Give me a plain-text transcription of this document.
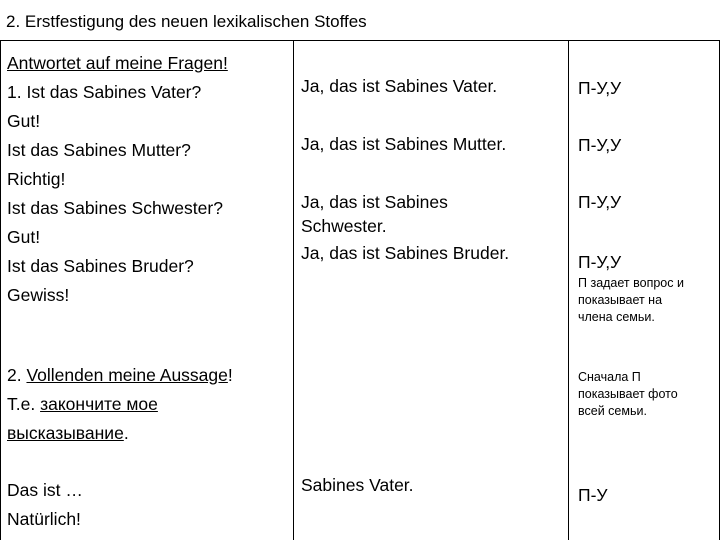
2. Erstfestigung des neuen lexikalischen Stoffes
Antwortet auf meine Fragen!
1. Ist das Sabines Vater?
Gut!
Ist das Sabines Mutter?
Richtig!
Ist das Sabines Schwester?
Gut!
Ist das Sabines Bruder?
Gewiss!
2. Vollenden meine Aussage!
Т.е. закончите мое
высказывание.
Das ist …
Natürlich!
Ja, das ist Sabines Vater.
Ja, das ist Sabines Mutter.
Ja, das ist Sabines
Schwester.
Ja, das ist Sabines Bruder.
Sabines Vater.
П-У,У
П-У,У
П-У,У
П-У,У
П задает вопрос и
показывает на
члена семьи.
Сначала П
показывает фото
всей семьи.
П-У
